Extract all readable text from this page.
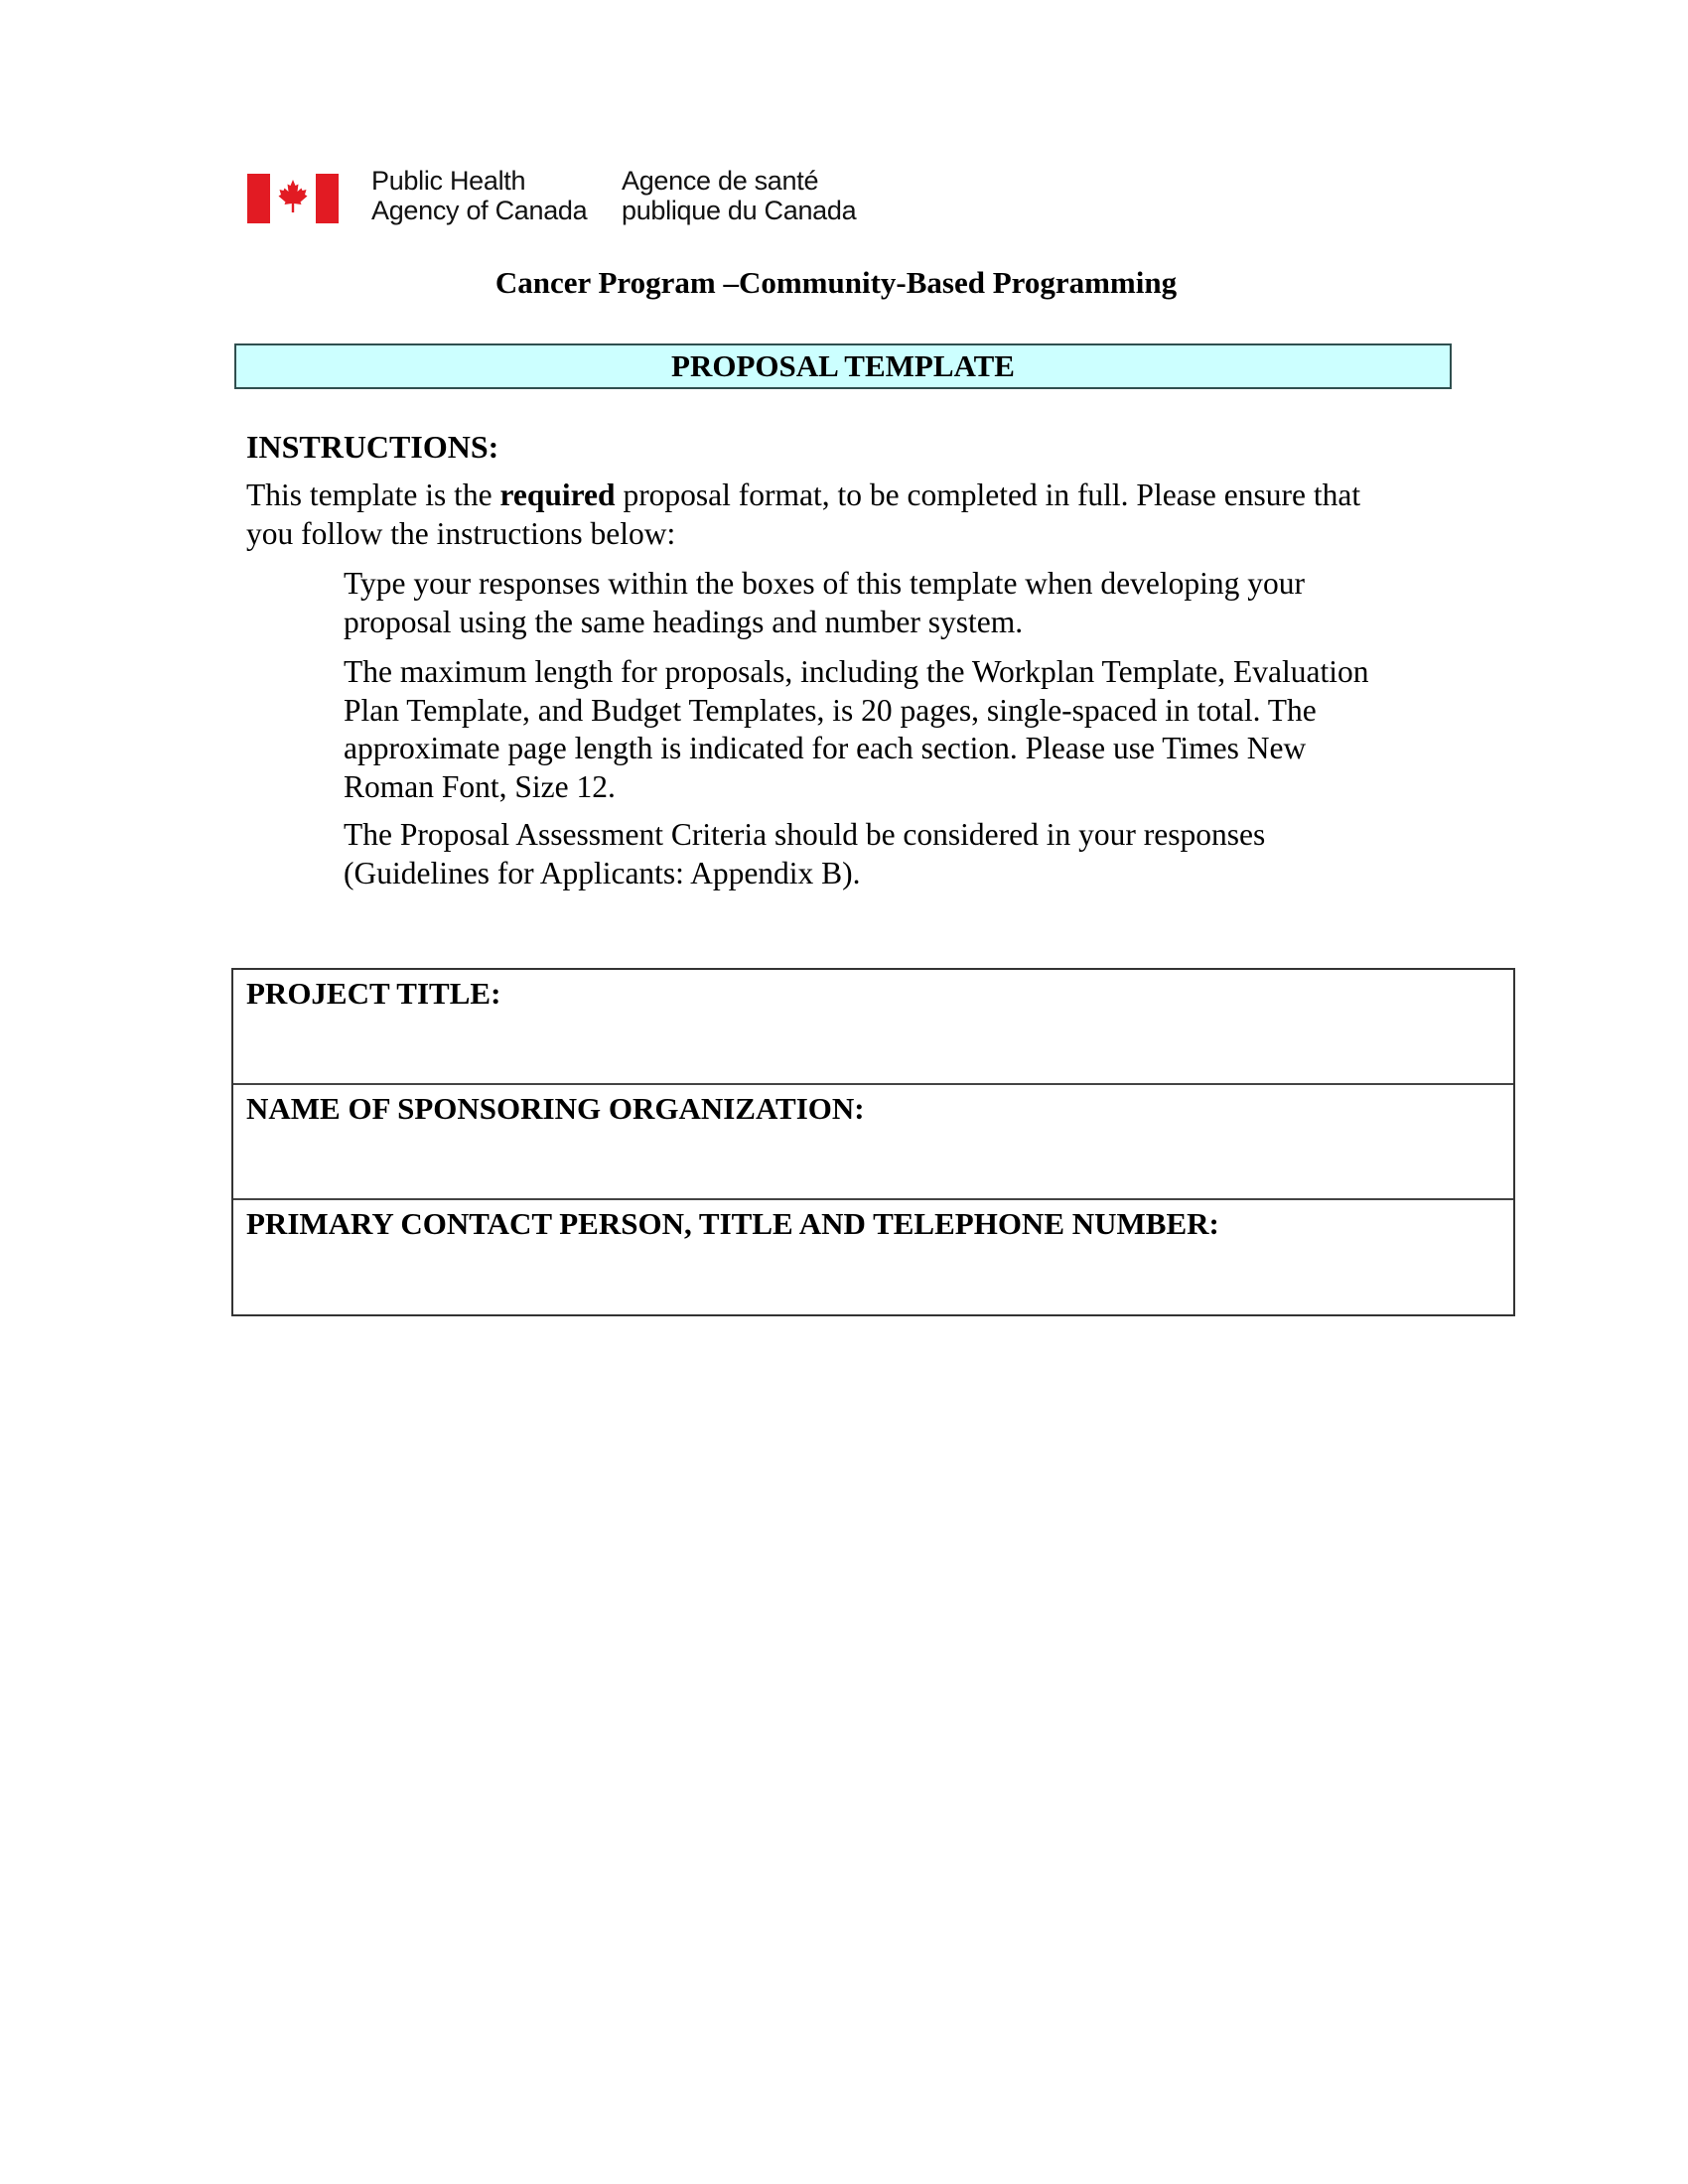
Public Health
Agency of Canada
Agence de santé
publique du Canada
Cancer Program –Community-Based Programming
PROPOSAL TEMPLATE
INSTRUCTIONS:
This template is the required proposal format, to be completed in full. Please ensure that
you follow the instructions below:
Type your responses within the boxes of this template when developing your
proposal using the same headings and number system.
The maximum length for proposals, including the Workplan Template, Evaluation
Plan Template, and Budget Templates, is 20 pages, single-spaced in total. The
approximate page length is indicated for each section. Please use Times New
Roman Font, Size 12.
The Proposal Assessment Criteria should be considered in your responses
(Guidelines for Applicants: Appendix B).
PROJECT TITLE:
NAME OF SPONSORING ORGANIZATION:
PRIMARY CONTACT PERSON, TITLE AND TELEPHONE NUMBER:
